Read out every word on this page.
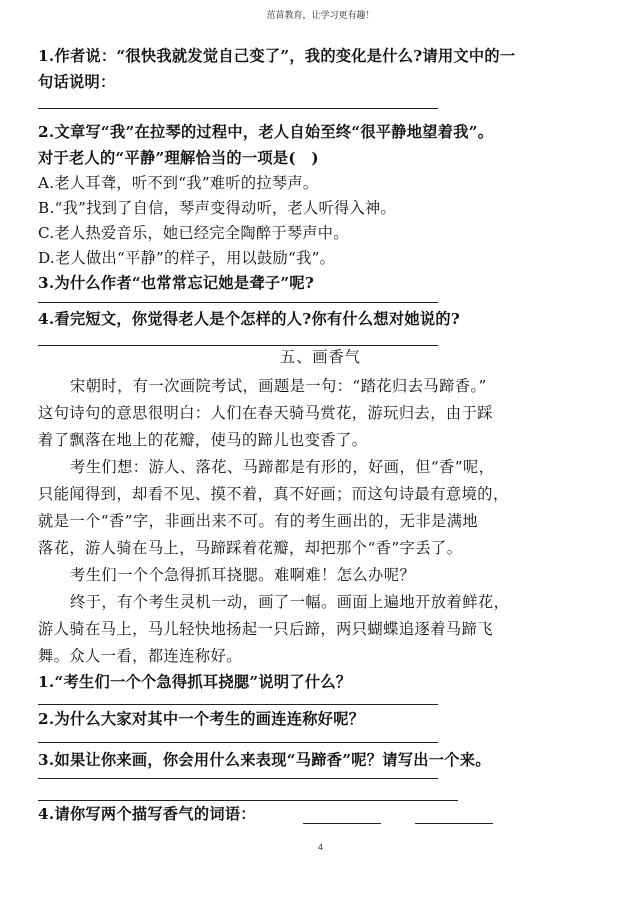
茁苗教育，让学习更有趣！
1.作者说：“很快我就发觉自己变了”，我的变化是什么?请用文中的一
句话说明：
2.文章写“我”在拉琴的过程中，老人自始至终“很平静地望着我”。
对于老人的“平静”理解恰当的一项是(　)
A.老人耳聋，听不到“我”难听的拉琴声。
B.“我”找到了自信，琴声变得动听，老人听得入神。
C.老人热爱音乐，她已经完全陶醉于琴声中。
D.老人做出“平静”的样子，用以鼓励“我”。
3.为什么作者“也常常忘记她是聋子”呢?
4.看完短文，你觉得老人是个怎样的人?你有什么想对她说的?
五、画香气
宋朝时，有一次画院考试，画题是一句：“踏花归去马蹄香。”
这句诗句的意思很明白：人们在春天骑马赏花，游玩归去，由于踩
着了飘落在地上的花瓣，使马的蹄儿也变香了。
考生们想：游人、落花、马蹄都是有形的，好画，但“香”呢，
只能闻得到，却看不见、摸不着，真不好画；而这句诗最有意境的，
就是一个“香”字，非画出来不可。有的考生画出的，无非是满地
落花，游人骑在马上，马蹄踩着花瓣，却把那个“香”字丢了。
考生们一个个急得抓耳挠腮。难啊难！怎么办呢？
终于，有个考生灵机一动，画了一幅。画面上遍地开放着鲜花，
游人骑在马上，马儿轻快地扬起一只后蹄，两只蝴蝶追逐着马蹄飞
舞。众人一看，都连连称好。
1.“考生们一个个急得抓耳挠腮”说明了什么？
2.为什么大家对其中一个考生的画连连称好呢？
3.如果让你来画，你会用什么来表现“马蹄香”呢？请写出一个来。
4.请你写两个描写香气的词语：
4
